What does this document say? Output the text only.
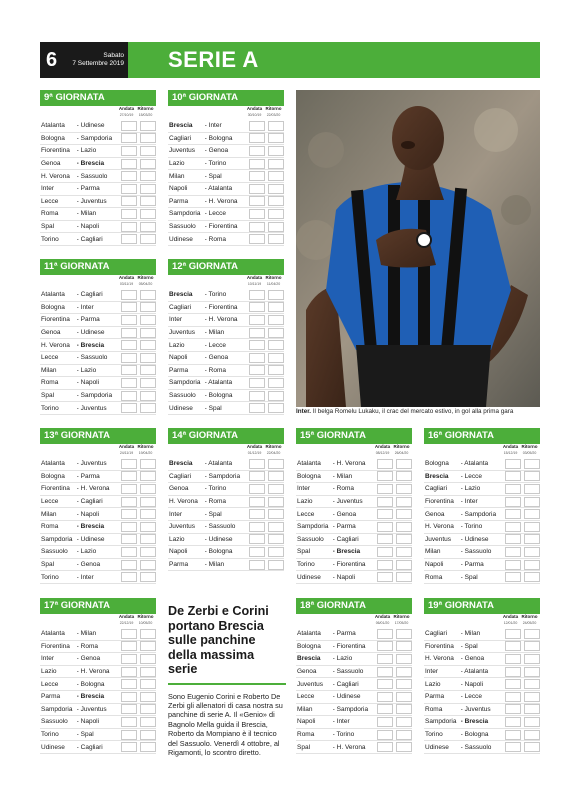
6	Sabato
7 Settembre 2019 SERIE A
9ª GIORNATA
Andata
27/10/19
Ritorno
15/03/20
Atalanta	- Udinese
Bologna	- Sampdoria
Fiorentina	- Lazio
Genoa	- Brescia
H. Verona	- Sassuolo
Inter	- Parma
Lecce	- Juventus
Roma	- Milan
Spal	- Napoli
Torino	- Cagliari
10ª GIORNATA
Andata
30/10/19
Ritorno
22/03/20
Brescia	- Inter
Cagliari	- Bologna
Juventus	- Genoa
Lazio	- Torino
Milan	- Spal
Napoli	- Atalanta
Parma	- H. Verona
Sampdoria	- Lecce
Sassuolo	- Fiorentina
Udinese	- Roma
11ª GIORNATA
Andata
03/11/19
Ritorno
05/04/20
Atalanta	- Cagliari
Bologna	- Inter
Fiorentina	- Parma
Genoa	- Udinese
H. Verona	- Brescia
Lecce	- Sassuolo
Milan	- Lazio
Roma	- Napoli
Spal	- Sampdoria
Torino	- Juventus
12ª GIORNATA
Andata
10/11/19
Ritorno
11/04/20
Brescia	- Torino
Cagliari	- Fiorentina
Inter	- H. Verona
Juventus	- Milan
Lazio	- Lecce
Napoli	- Genoa
Parma	- Roma
Sampdoria	- Atalanta
Sassuolo	- Bologna
Udinese	- Spal
13ª GIORNATA
Andata
24/11/19
Ritorno
19/04/20
Atalanta	- Juventus
Bologna	- Parma
Fiorentina	- H. Verona
Lecce	- Cagliari
Milan	- Napoli
Roma	- Brescia
Sampdoria	- Udinese
Sassuolo	- Lazio
Spal	- Genoa
Torino	- Inter
14ª GIORNATA
Andata
01/12/19
Ritorno
22/04/20
Brescia	- Atalanta
Cagliari	- Sampdoria
Genoa	- Torino
H. Verona	- Roma
Inter	- Spal
Juventus	- Sassuolo
Lazio	- Udinese
Napoli	- Bologna
Parma	- Milan
15ª GIORNATA
Andata
08/12/19
Ritorno
26/04/20
Atalanta	- H. Verona
Bologna	- Milan
Inter	- Roma
Lazio	- Juventus
Lecce	- Genoa
Sampdoria	- Parma
Sassuolo	- Cagliari
Spal	- Brescia
Torino	- Fiorentina
Udinese	- Napoli
16ª GIORNATA
Andata
15/12/19
Ritorno
03/05/20
Bologna	- Atalanta
Brescia	- Lecce
Cagliari	- Lazio
Fiorentina	- Inter
Genoa	- Sampdoria
H. Verona	- Torino
Juventus	- Udinese
Milan	- Sassuolo
Napoli	- Parma
Roma	- Spal
17ª GIORNATA
Andata
22/12/19
Ritorno
10/05/20
Atalanta	- Milan
Fiorentina	- Roma
Inter	- Genoa
Lazio	- H. Verona
Lecce	- Bologna
Parma	- Brescia
Sampdoria	- Juventus
Sassuolo	- Napoli
Torino	- Spal
Udinese	- Cagliari
18ª GIORNATA
Andata
06/01/20
Ritorno
17/05/20
Atalanta	- Parma
Bologna	- Fiorentina
Brescia	- Lazio
Genoa	- Sassuolo
Juventus	- Cagliari
Lecce	- Udinese
Milan	- Sampdoria
Napoli	- Inter
Roma	- Torino
Spal	- H. Verona
19ª GIORNATA
Andata
12/01/20
Ritorno
24/05/20
Cagliari	- Milan
Fiorentina	- Spal
H. Verona	- Genoa
Inter	- Atalanta
Lazio	- Napoli
Parma	- Lecce
Roma	- Juventus
Sampdoria	- Brescia
Torino	- Bologna
Udinese	- Sassuolo
Inter. Il belga Romelu Lukaku, il crac del mercato estivo, in gol alla prima gara
De Zerbi e Corini portano Brescia sulle panchine della massima serie
Sono Eugenio Corini e Roberto De Zerbi gli allenatori di casa nostra su panchine di serie A. Il «Genio» di Bagnolo Mella guida il Brescia, Roberto da Mompiano è il tecnico del Sassuolo. Venerdì 4 ottobre, al Rigamonti, lo scontro diretto.
